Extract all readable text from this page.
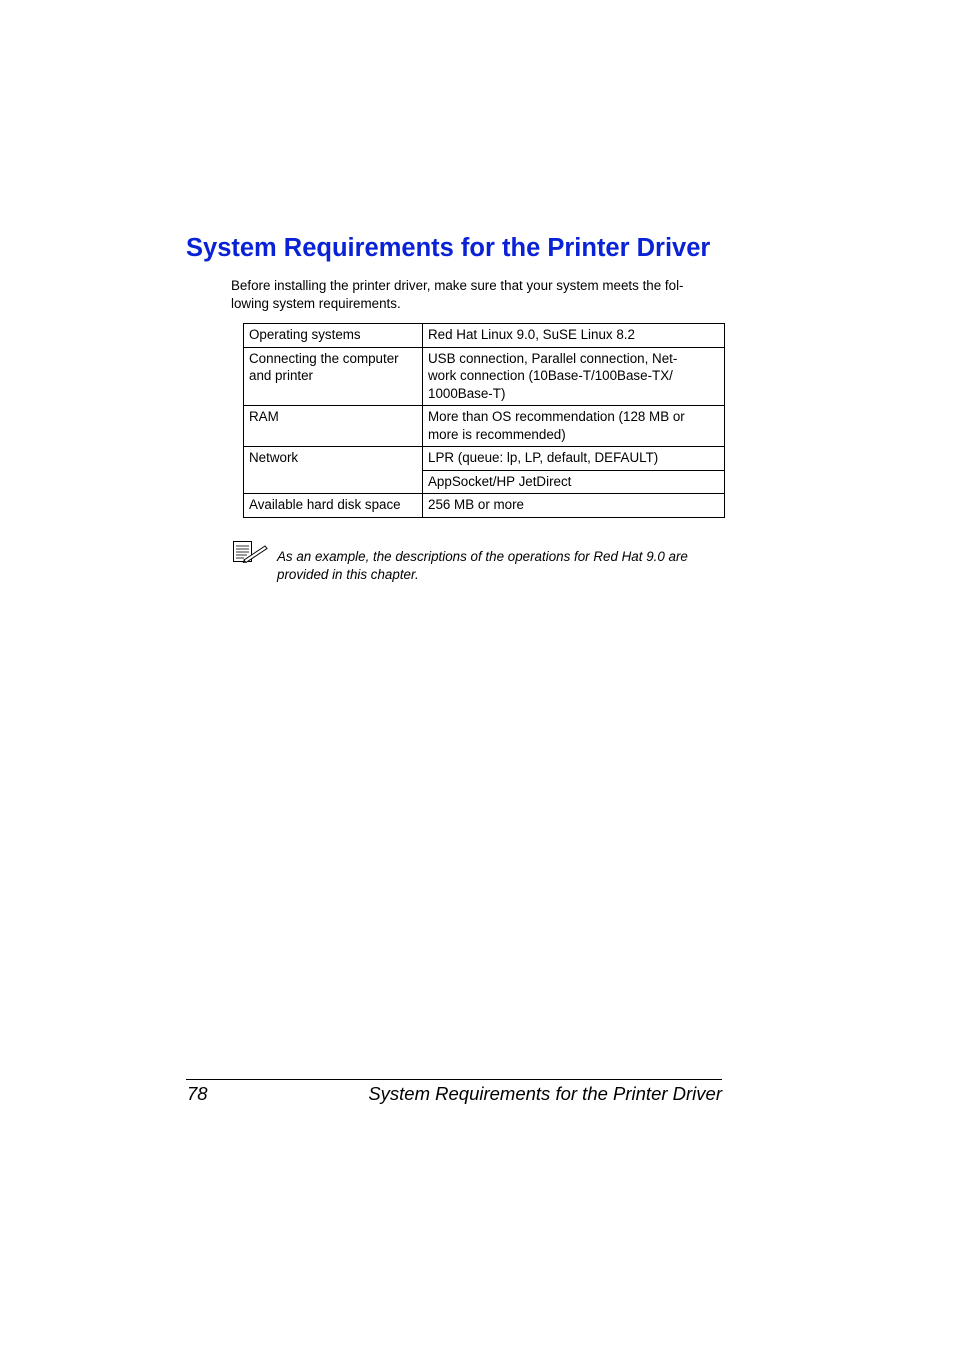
System Requirements for the Printer Driver

Before installing the printer driver, make sure that your system meets the fol-
lowing system requirements.

Operating systems	Red Hat Linux 9.0, SuSE Linux 8.2

Connecting the computer
and printer	USB connection, Parallel connection, Net-
work connection (10Base-T/100Base-TX/
1000Base-T)

RAM	More than OS recommendation (128 MB or
more is recommended)

Network	LPR (queue: lp, LP, default, DEFAULT)

	AppSocket/HP JetDirect

Available hard disk space	256 MB or more

As an example, the descriptions of the operations for Red Hat 9.0 are
provided in this chapter.

78	System Requirements for the Printer Driver
